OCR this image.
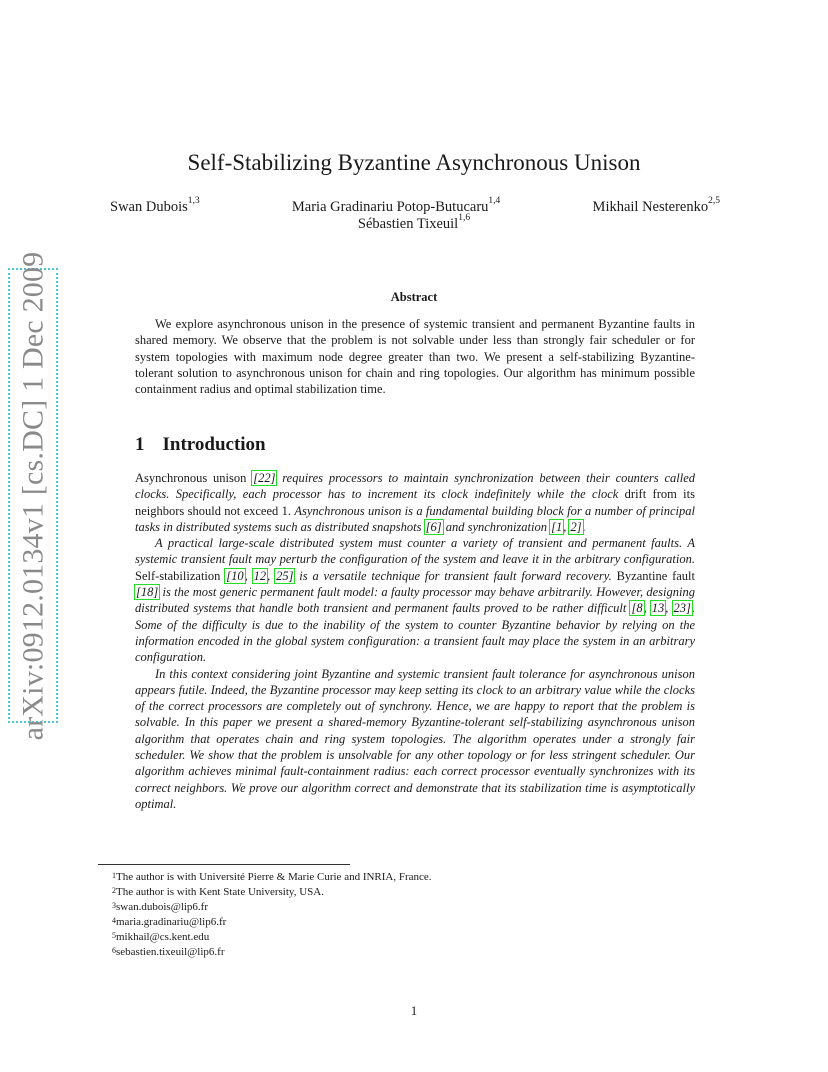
arXiv:0912.0134v1 [cs.DC] 1 Dec 2009
Self-Stabilizing Byzantine Asynchronous Unison
Swan Dubois$^{1,3}$	Maria Gradinariu Potop-Butucaru$^{1,4}$	Mikhail Nesterenko$^{2,5}$
Sébastien Tixeuil$^{1,6}$
Abstract

We explore asynchronous unison in the presence of systemic transient and permanent Byzantine faults in shared memory. We observe that the problem is not solvable under less than strongly fair scheduler or for system topologies with maximum node degree greater than two. We present a self-stabilizing Byzantine-tolerant solution to asynchronous unison for chain and ring topologies. Our algorithm has minimum possible containment radius and optimal stabilization time.

1 Introduction

Asynchronous unison [22] requires processors to maintain synchronization between their counters called clocks. Specifically, each processor has to increment its clock indefinitely while the clock drift from its neighbors should not exceed 1. Asynchronous unison is a fundamental building block for a number of principal tasks in distributed systems such as distributed snapshots [6] and synchronization [1, 2].

A practical large-scale distributed system must counter a variety of transient and permanent faults. A systemic transient fault may perturb the configuration of the system and leave it in the arbitrary configuration. Self-stabilization [10, 12, 25] is a versatile technique for transient fault forward recovery. Byzantine fault [18] is the most generic permanent fault model: a faulty processor may behave arbitrarily. However, designing distributed systems that handle both transient and permanent faults proved to be rather difficult [8, 13, 23]. Some of the difficulty is due to the inability of the system to counter Byzantine behavior by relying on the information encoded in the global system configuration: a transient fault may place the system in an arbitrary configuration.

In this context considering joint Byzantine and systemic transient fault tolerance for asynchronous unison appears futile. Indeed, the Byzantine processor may keep setting its clock to an arbitrary value while the clocks of the correct processors are completely out of synchrony. Hence, we are happy to report that the problem is solvable. In this paper we present a shared-memory Byzantine-tolerant self-stabilizing asynchronous unison algorithm that operates chain and ring system topologies. The algorithm operates under a strongly fair scheduler. We show that the problem is unsolvable for any other topology or for less stringent scheduler. Our algorithm achieves minimal fault-containment radius: each correct processor eventually synchronizes with its correct neighbors. We prove our algorithm correct and demonstrate that its stabilization time is asymptotically optimal.

$^1$The author is with Université Pierre & Marie Curie and INRIA, France.
$^2$The author is with Kent State University, USA.
$^3$swan.dubois@lip6.fr
$^4$maria.gradinariu@lip6.fr
$^5$mikhail@cs.kent.edu
$^6$sebastien.tixeuil@lip6.fr
1
